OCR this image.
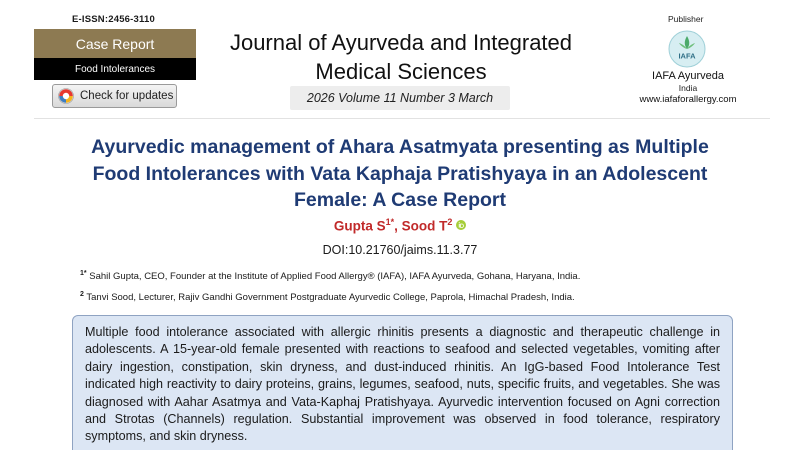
E-ISSN:2456-3110
Case Report
Food Intolerances
Check for updates
Journal of Ayurveda and Integrated
Medical Sciences
2026 Volume 11 Number 3 March
Publisher
IAFA
IAFA Ayurveda
India
www.iafaforallergy.com
Ayurvedic management of Ahara Asatmyata presenting as Multiple
Food Intolerances with Vata Kaphaja Pratishyaya in an Adolescent
Female: A Case Report
Gupta $S^{1*}$, Sood $T^2$
DOI:10.21760/jaims.11.3.77
$^{1*}$ Sahil Gupta, CEO, Founder at the Institute of Applied Food Allergy® (IAFA), IAFA Ayurveda, Gohana, Haryana, India.
$^2$ Tanvi Sood, Lecturer, Rajiv Gandhi Government Postgraduate Ayurvedic College, Paprola, Himachal Pradesh, India.

Multiple food intolerance associated with allergic rhinitis presents a diagnostic and therapeutic challenge in adolescents. A 15-year-old female presented with reactions to seafood and selected vegetables, vomiting after dairy ingestion, constipation, skin dryness, and dust-induced rhinitis. An IgG-based Food Intolerance Test indicated high reactivity to dairy proteins, grains, legumes, seafood, nuts, specific fruits, and vegetables. She was diagnosed with Aahar Asatmya and Vata-Kaphaj Pratishyaya. Ayurvedic intervention focused on Agni correction and Strotas (Channels) regulation. Substantial improvement was observed in food tolerance, respiratory symptoms, and skin dryness.
